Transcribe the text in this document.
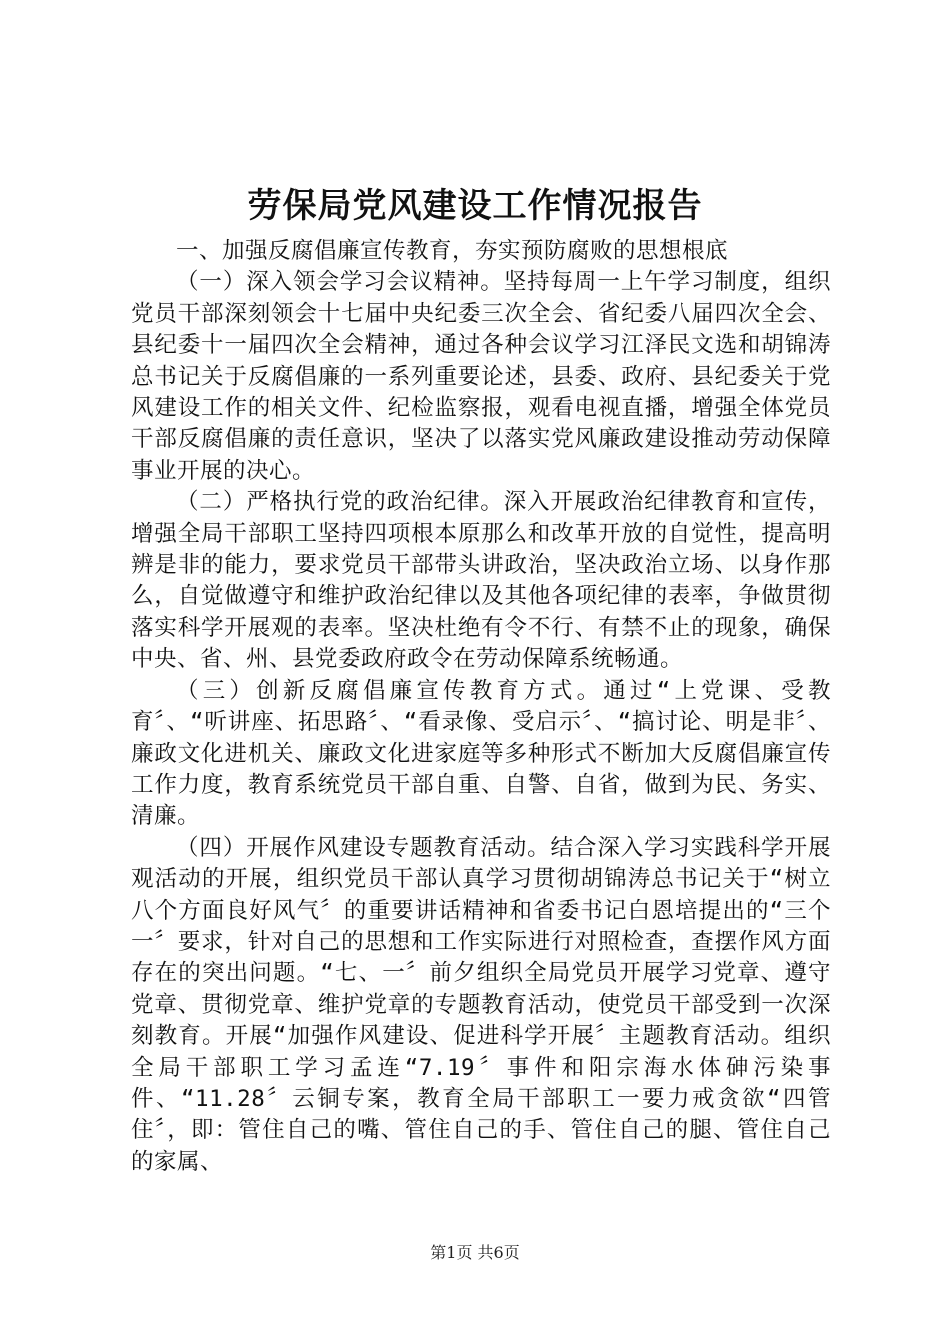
劳保局党风建设工作情况报告

一、加强反腐倡廉宣传教育，夯实预防腐败的思想根底

（一）深入领会学习会议精神。坚持每周一上午学习制度，组织党员干部深刻领会十七届中央纪委三次全会、省纪委八届四次全会、县纪委十一届四次全会精神，通过各种会议学习江泽民文选和胡锦涛总书记关于反腐倡廉的一系列重要论述，县委、政府、县纪委关于党风建设工作的相关文件、纪检监察报，观看电视直播，增强全体党员干部反腐倡廉的责任意识，坚决了以落实党风廉政建设推动劳动保障事业开展的决心。

（二）严格执行党的政治纪律。深入开展政治纪律教育和宣传，增强全局干部职工坚持四项根本原那么和改革开放的自觉性，提高明辨是非的能力，要求党员干部带头讲政治，坚决政治立场、以身作那么，自觉做遵守和维护政治纪律以及其他各项纪律的表率，争做贯彻落实科学开展观的表率。坚决杜绝有令不行、有禁不止的现象，确保中央、省、州、县党委政府政令在劳动保障系统畅通。

（三）创新反腐倡廉宣传教育方式。通过“上党课、受教育〞、“听讲座、拓思路〞、“看录像、受启示〞、“搞讨论、明是非〞、廉政文化进机关、廉政文化进家庭等多种形式不断加大反腐倡廉宣传工作力度，教育系统党员干部自重、自警、自省，做到为民、务实、清廉。

（四）开展作风建设专题教育活动。结合深入学习实践科学开展观活动的开展，组织党员干部认真学习贯彻胡锦涛总书记关于“树立八个方面良好风气〞的重要讲话精神和省委书记白恩培提出的“三个一〞要求，针对自己的思想和工作实际进行对照检查，查摆作风方面存在的突出问题。“七、一〞前夕组织全局党员开展学习党章、遵守党章、贯彻党章、维护党章的专题教育活动，使党员干部受到一次深刻教育。开展“加强作风建设、促进科学开展〞主题教育活动。组织全局干部职工学习孟连“7.19〞事件和阳宗海水体砷污染事件、“11.28〞云铜专案，教育全局干部职工一要力戒贪欲“四管住〞，即：管住自己的嘴、管住自己的手、管住自己的腿、管住自己的家属、

第1页 共6页
